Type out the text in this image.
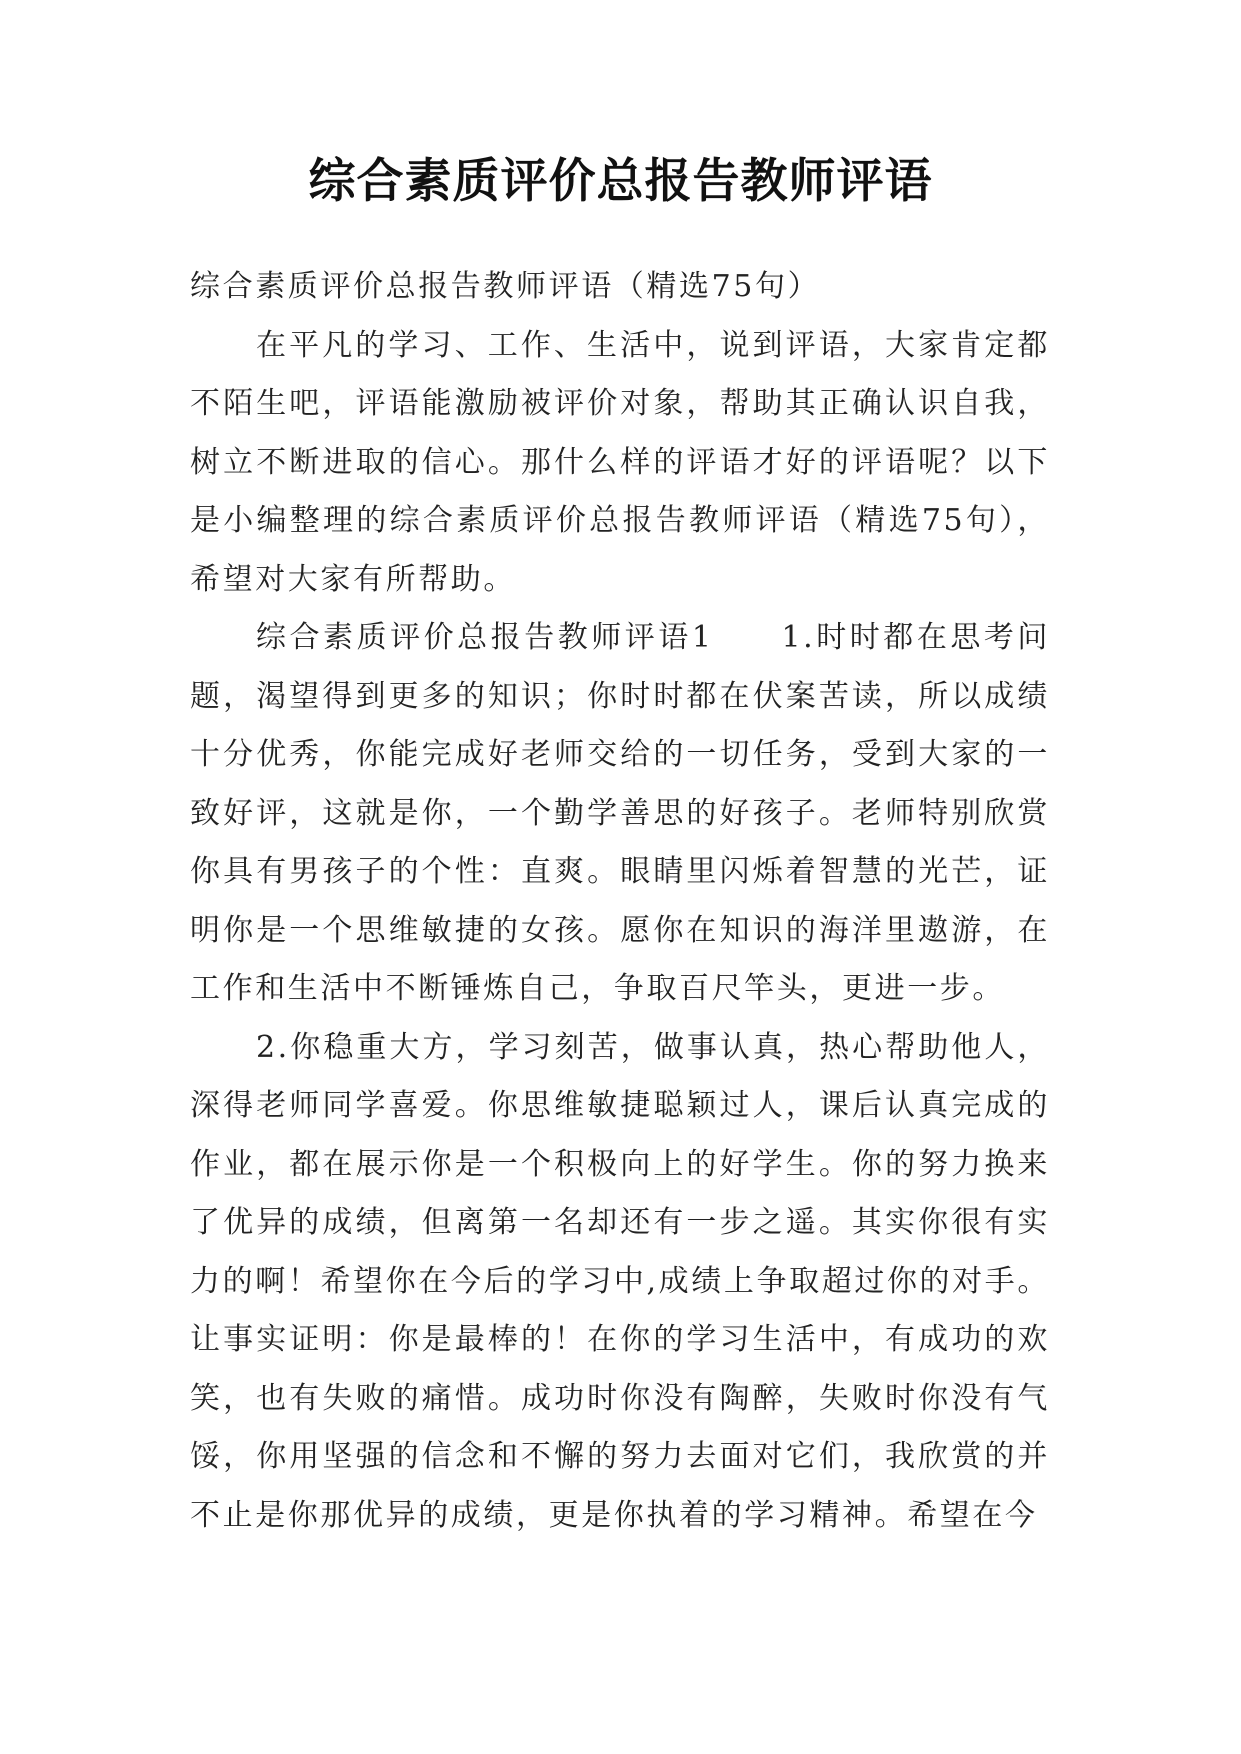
综合素质评价总报告教师评语

综合素质评价总报告教师评语（精选75句）

在平凡的学习、工作、生活中，说到评语，大家肯定都不陌生吧，评语能激励被评价对象，帮助其正确认识自我，树立不断进取的信心。那什么样的评语才好的评语呢？以下是小编整理的综合素质评价总报告教师评语（精选75句），希望对大家有所帮助。

综合素质评价总报告教师评语1　　1.时时都在思考问题，渴望得到更多的知识；你时时都在伏案苦读，所以成绩十分优秀，你能完成好老师交给的一切任务，受到大家的一致好评，这就是你，一个勤学善思的好孩子。老师特别欣赏你具有男孩子的个性：直爽。眼睛里闪烁着智慧的光芒，证明你是一个思维敏捷的女孩。愿你在知识的海洋里遨游，在工作和生活中不断锤炼自己，争取百尺竿头，更进一步。

2.你稳重大方，学习刻苦，做事认真，热心帮助他人，深得老师同学喜爱。你思维敏捷聪颖过人，课后认真完成的作业，都在展示你是一个积极向上的好学生。你的努力换来了优异的成绩，但离第一名却还有一步之遥。其实你很有实力的啊！希望你在今后的学习中,成绩上争取超过你的对手。让事实证明：你是最棒的！在你的学习生活中，有成功的欢笑，也有失败的痛惜。成功时你没有陶醉，失败时你没有气馁，你用坚强的信念和不懈的努力去面对它们，我欣赏的并不止是你那优异的成绩，更是你执着的学习精神。希望在今
